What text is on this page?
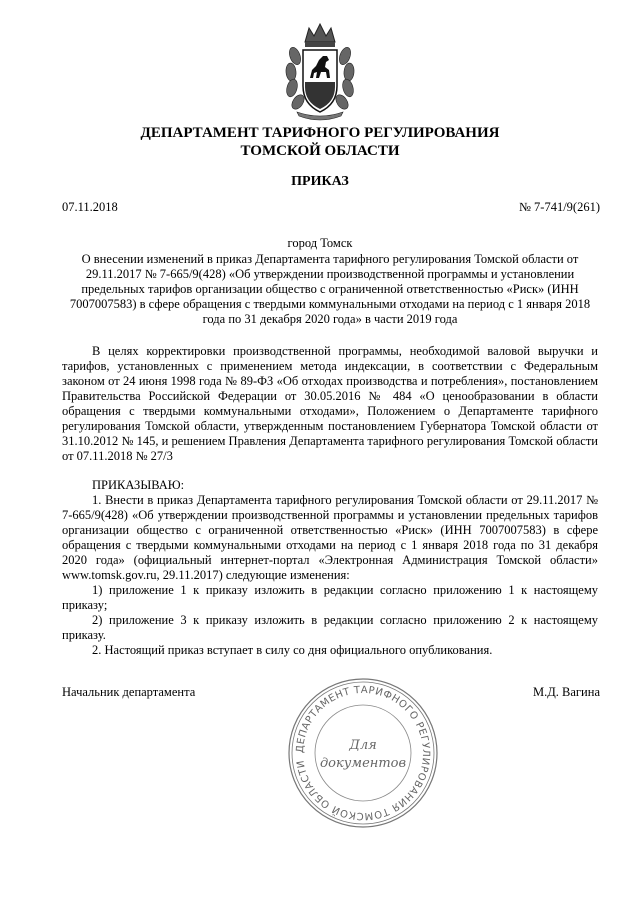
ДЕПАРТАМЕНТ ТАРИФНОГО РЕГУЛИРОВАНИЯ
ТОМСКОЙ ОБЛАСТИ
ПРИКАЗ
07.11.2018	№ 7-741/9(261)
город Томск
О внесении изменений в приказ Департамента тарифного регулирования Томской области от 29.11.2017 № 7-665/9(428) «Об утверждении производственной программы и установлении предельных тарифов организации общество с ограниченной ответственностью «Риск» (ИНН 7007007583) в сфере обращения с твердыми коммунальными отходами на период с 1 января 2018 года по 31 декабря 2020 года» в части 2019 года

В целях корректировки производственной программы, необходимой валовой выручки и тарифов, установленных с применением метода индексации, в соответствии с Федеральным законом от 24 июня 1998 года № 89-ФЗ «Об отходах производства и потребления», постановлением Правительства Российской Федерации от 30.05.2016 № 484 «О ценообразовании в области обращения с твердыми коммунальными отходами», Положением о Департаменте тарифного регулирования Томской области, утвержденным постановлением Губернатора Томской области от 31.10.2012 № 145, и решением Правления Департамента тарифного регулирования Томской области от 07.11.2018 № 27/3

ПРИКАЗЫВАЮ:

1. Внести в приказ Департамента тарифного регулирования Томской области от 29.11.2017 № 7-665/9(428) «Об утверждении производственной программы и установлении предельных тарифов организации общество с ограниченной ответственностью «Риск» (ИНН 7007007583) в сфере обращения с твердыми коммунальными отходами на период с 1 января 2018 года по 31 декабря 2020 года» (официальный интернет-портал «Электронная Администрация Томской области» www.tomsk.gov.ru, 29.11.2017) следующие изменения:

1) приложение 1 к приказу изложить в редакции согласно приложению 1 к настоящему приказу;

2) приложение 3 к приказу изложить в редакции согласно приложению 2 к настоящему приказу.

2. Настоящий приказ вступает в силу со дня официального опубликования.

Начальник департамента	М.Д. Вагина
ДЕПАРТАМЕНТ ТАРИФНОГО РЕГУЛИРОВАНИЯ ТОМСКОЙ ОБЛАСТИ
Для
документов
